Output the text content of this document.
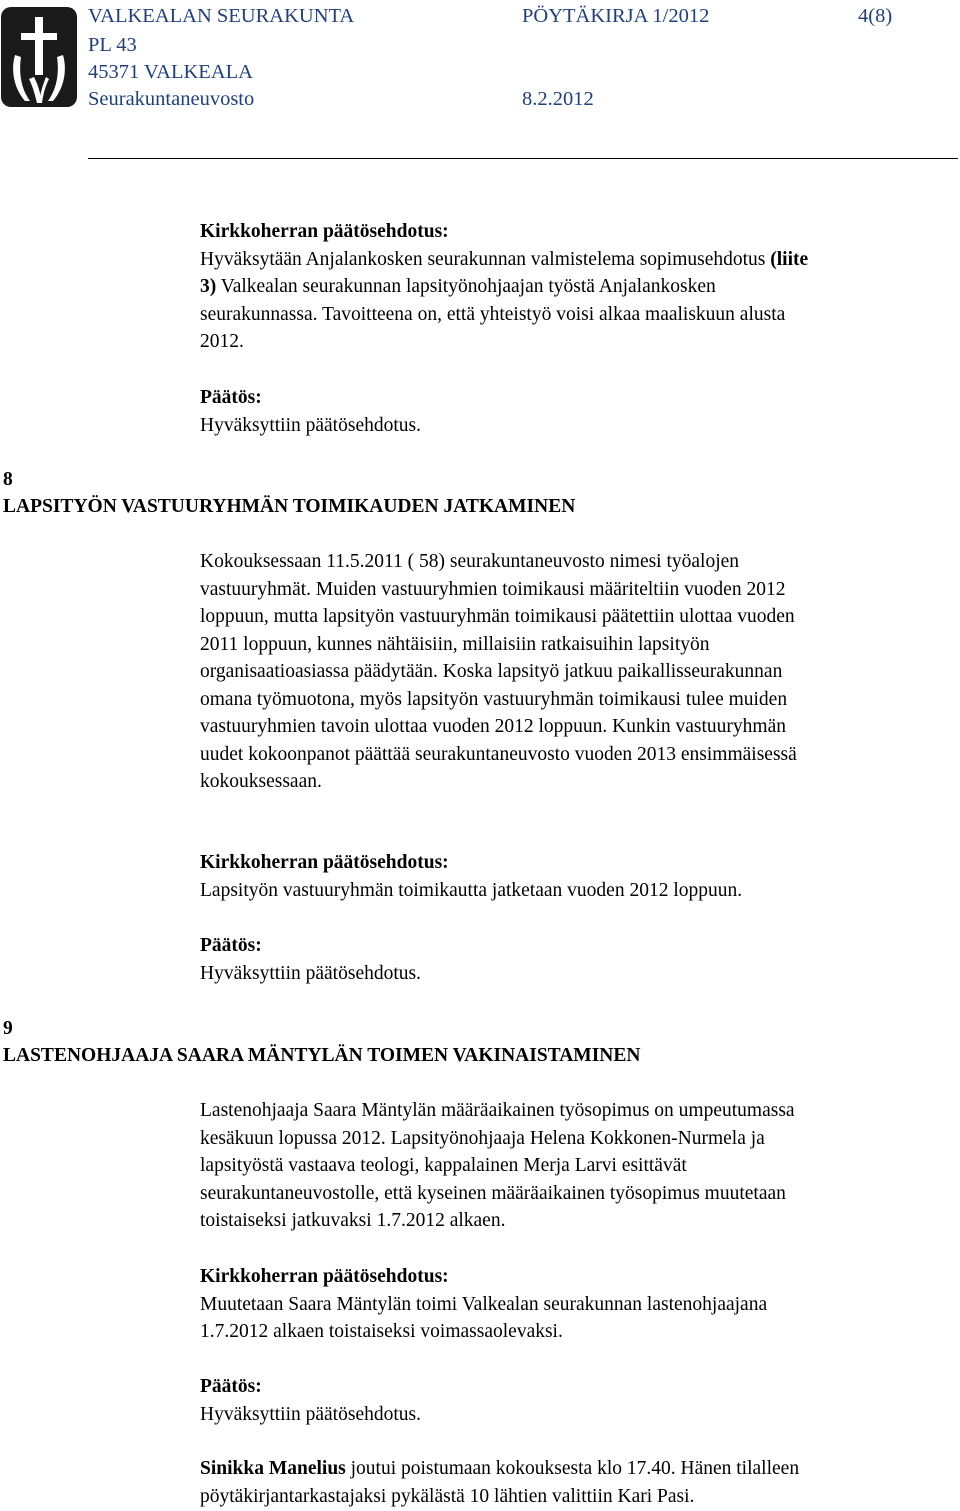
VALKEALAN SEURAKUNTA	PÖYTÄKIRJA 1/2012	4(8)
PL 43
45371 VALKEALA
Seurakuntaneuvosto	8.2.2012

Kirkkoherran päätösehdotus:

Hyväksytään Anjalankosken seurakunnan valmistelema sopimusehdotus (liite
3) Valkealan seurakunnan lapsityönohjaajan työstä Anjalankosken
seurakunnassa. Tavoitteena on, että yhteistyö voisi alkaa maaliskuun alusta
2012.

Päätös:

Hyväksyttiin päätösehdotus.

8
LAPSITYÖN VASTUURYHMÄN TOIMIKAUDEN JATKAMINEN
Kokouksessaan 11.5.2011 ( 58) seurakuntaneuvosto nimesi työalojen
vastuuryhmät. Muiden vastuuryhmien toimikausi määriteltiin vuoden 2012
loppuun, mutta lapsityön vastuuryhmän toimikausi päätettiin ulottaa vuoden
2011 loppuun, kunnes nähtäisiin, millaisiin ratkaisuihin lapsityön
organisaatioasiassa päädytään. Koska lapsityö jatkuu paikallisseurakunnan
omana työmuotona, myös lapsityön vastuuryhmän toimikausi tulee muiden
vastuuryhmien tavoin ulottaa vuoden 2012 loppuun. Kunkin vastuuryhmän
uudet kokoonpanot päättää seurakuntaneuvosto vuoden 2013 ensimmäisessä
kokouksessaan.

Kirkkoherran päätösehdotus:

Lapsityön vastuuryhmän toimikautta jatketaan vuoden 2012 loppuun.

Päätös:

Hyväksyttiin päätösehdotus.

9
LASTENOHJAAJA SAARA MÄNTYLÄN TOIMEN VAKINAISTAMINEN
Lastenohjaaja Saara Mäntylän määräaikainen työsopimus on umpeutumassa
kesäkuun lopussa 2012. Lapsityönohjaaja Helena Kokkonen-Nurmela ja
lapsityöstä vastaava teologi, kappalainen Merja Larvi esittävät
seurakuntaneuvostolle, että kyseinen määräaikainen työsopimus muutetaan
toistaiseksi jatkuvaksi 1.7.2012 alkaen.

Kirkkoherran päätösehdotus:

Muutetaan Saara Mäntylän toimi Valkealan seurakunnan lastenohjaajana
1.7.2012 alkaen toistaiseksi voimassaolevaksi.

Päätös:

Hyväksyttiin päätösehdotus.

Sinikka Manelius joutui poistumaan kokouksesta klo 17.40. Hänen tilalleen
pöytäkirjantarkastajaksi pykälästä 10 lähtien valittiin Kari Pasi.
